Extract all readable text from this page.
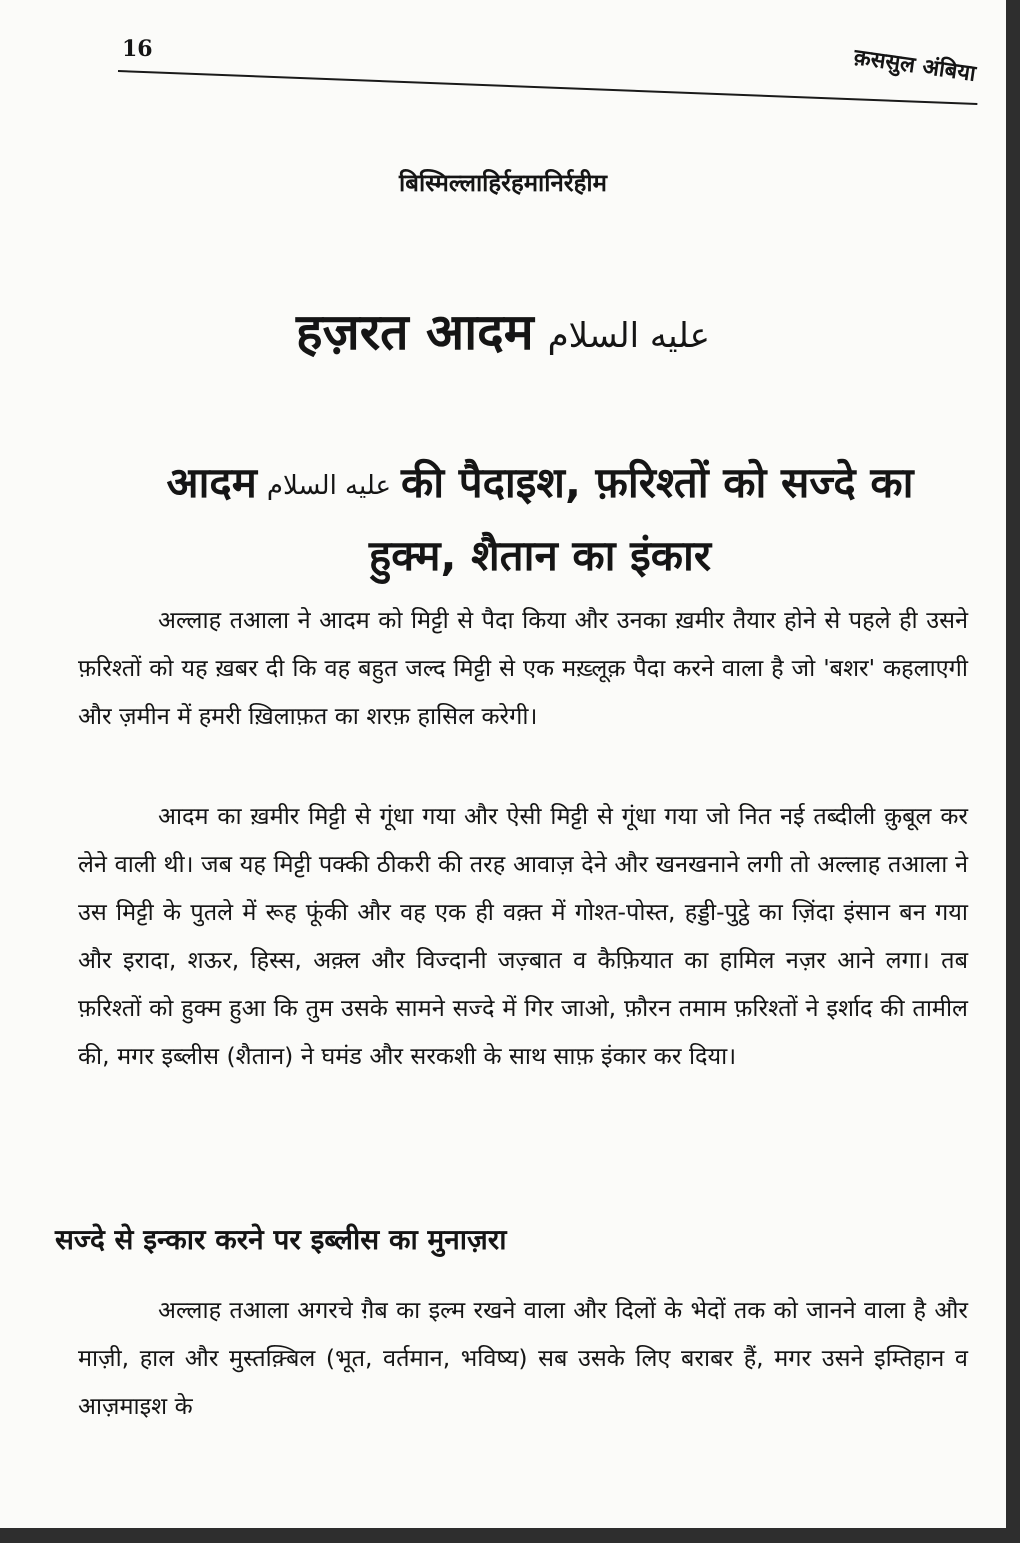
16	क़ससुल अंबिया
बिस्मिल्लाहिर्रहमानिर्रहीम
हज़रत आदम عليه السلام
आदम عليه السلام की पैदाइश, फ़रिश्तों को सज्दे का हुक्म, शैतान का इंकार

अल्लाह तआला ने आदम को मिट्टी से पैदा किया और उनका ख़मीर तैयार होने से पहले ही उसने फ़रिश्तों को यह ख़बर दी कि वह बहुत जल्द मिट्टी से एक मख़्लूक़ पैदा करने वाला है जो 'बशर' कहलाएगी और ज़मीन में हमरी ख़िलाफ़त का शरफ़ हासिल करेगी।

आदम का ख़मीर मिट्टी से गूंधा गया और ऐसी मिट्टी से गूंधा गया जो नित नई तब्दीली क़ुबूल कर लेने वाली थी। जब यह मिट्टी पक्की ठीकरी की तरह आवाज़ देने और खनखनाने लगी तो अल्लाह तआला ने उस मिट्टी के पुतले में रूह फूंकी और वह एक ही वक़्त में गोश्त-पोस्त, हड्डी-पुट्ठे का ज़िंदा इंसान बन गया और इरादा, शऊर, हिस्स, अक़्ल और विज्दानी जज़्बात व कैफ़ियात का हामिल नज़र आने लगा। तब फ़रिश्तों को हुक्म हुआ कि तुम उसके सामने सज्दे में गिर जाओ, फ़ौरन तमाम फ़रिश्तों ने इर्शाद की तामील की, मगर इब्लीस (शैतान) ने घमंड और सरकशी के साथ साफ़ इंकार कर दिया।

सज्दे से इन्कार करने पर इब्लीस का मुनाज़रा

अल्लाह तआला अगरचे ग़ैब का इल्म रखने वाला और दिलों के भेदों तक को जानने वाला है और माज़ी, हाल और मुस्तक़्बिल (भूत, वर्तमान, भविष्य) सब उसके लिए बराबर हैं, मगर उसने इम्तिहान व आज़माइश के
